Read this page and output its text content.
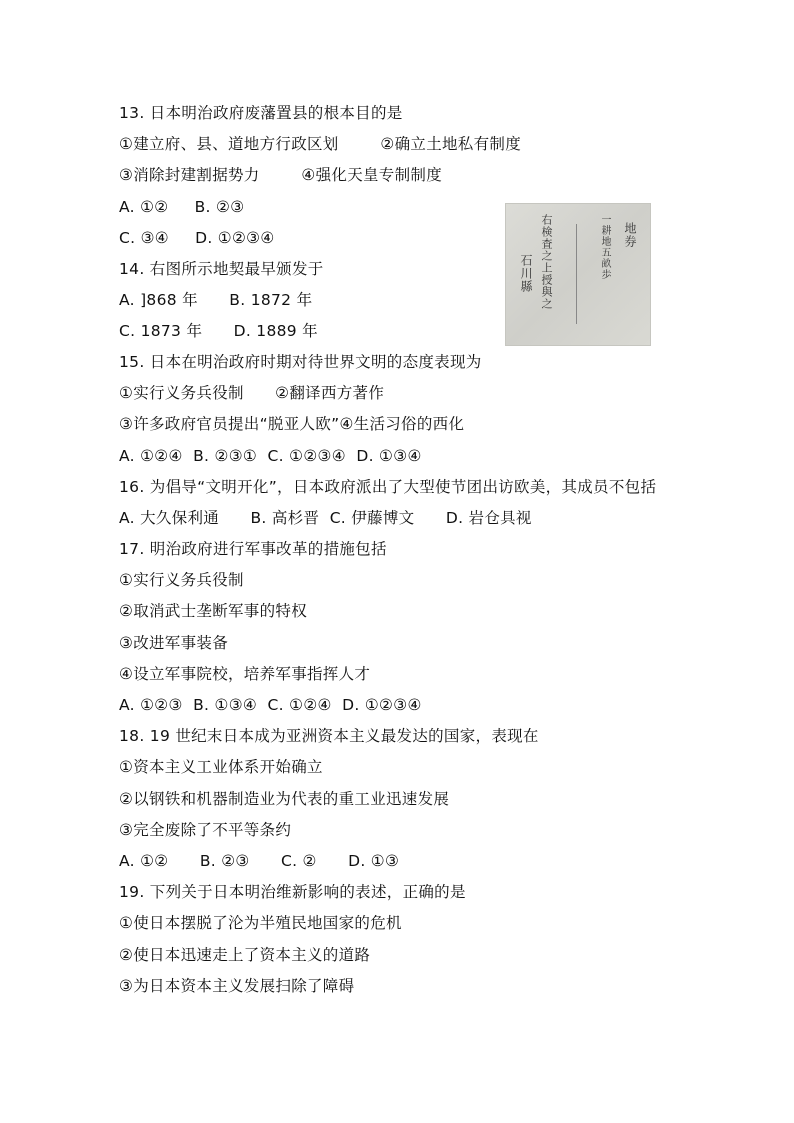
13. 日本明治政府废藩置县的根本目的是
①建立府、县、道地方行政区划        ②确立土地私有制度
③消除封建割据势力        ④强化天皇专制制度
A. ①②     B. ②③
C. ③④     D. ①②③④
14. 右图所示地契最早颁发于
A. ]868 年      B. 1872 年
C. 1873 年      D. 1889 年
地券
一耕地五畝歩
右検査之上授與之
石川縣
15. 日本在明治政府时期对待世界文明的态度表现为
①实行义务兵役制      ②翻译西方著作
③许多政府官员提出“脱亚人欧”④生活习俗的西化
A. ①②④  B. ②③①  C. ①②③④  D. ①③④
16. 为倡导“文明开化”，日本政府派出了大型使节团出访欧美，其成员不包括
A. 大久保利通      B. 高杉晋  C. 伊藤博文      D. 岩仓具视
17. 明治政府进行军事改革的措施包括
①实行义务兵役制
②取消武士垄断军事的特权
③改进军事装备
④设立军事院校，培养军事指挥人才
A. ①②③  B. ①③④  C. ①②④  D. ①②③④
18. 19 世纪末日本成为亚洲资本主义最发达的国家，表现在
①资本主义工业体系开始确立
②以钢铁和机器制造业为代表的重工业迅速发展
③完全废除了不平等条约
A. ①②      B. ②③      C. ②      D. ①③
19. 下列关于日本明治维新影响的表述，正确的是
①使日本摆脱了沦为半殖民地国家的危机
②使日本迅速走上了资本主义的道路
③为日本资本主义发展扫除了障碍
